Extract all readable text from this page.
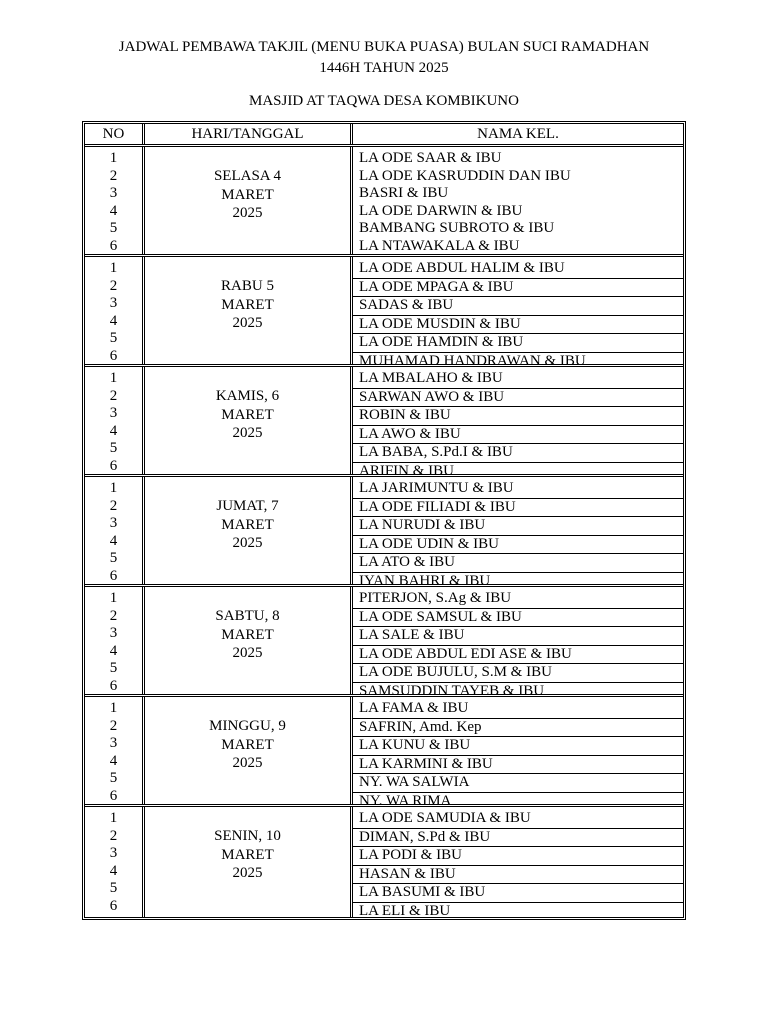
JADWAL PEMBAWA TAKJIL (MENU BUKA PUASA) BULAN SUCI RAMADHAN
1446H TAHUN 2025
MASJID AT TAQWA DESA KOMBIKUNO
NO	HARI/TANGGAL	NAMA KEL.
1
2
3
4
5
6
SELASA 4
MARET
2025
LA ODE SAAR & IBU
LA ODE KASRUDDIN DAN IBU
BASRI & IBU
LA ODE DARWIN & IBU
BAMBANG SUBROTO & IBU
LA NTAWAKALA & IBU
1
2
3
4
5
6
RABU 5
MARET
2025
LA ODE ABDUL HALIM & IBU
LA ODE MPAGA & IBU
SADAS & IBU
LA ODE MUSDIN & IBU
LA ODE HAMDIN & IBU
MUHAMAD HANDRAWAN & IBU
1
2
3
4
5
6
KAMIS, 6
MARET
2025
LA MBALAHO & IBU
SARWAN AWO & IBU
ROBIN & IBU
LA AWO & IBU
LA BABA, S.Pd.I & IBU
ARIFIN & IBU
1
2
3
4
5
6
JUMAT, 7
MARET
2025
LA JARIMUNTU & IBU
LA ODE FILIADI & IBU
LA NURUDI & IBU
LA ODE UDIN & IBU
LA ATO & IBU
IYAN BAHRI & IBU
1
2
3
4
5
6
SABTU, 8
MARET
2025
PITERJON, S.Ag & IBU
LA ODE SAMSUL & IBU
LA SALE & IBU
LA ODE ABDUL EDI ASE & IBU
LA ODE BUJULU, S.M & IBU
SAMSUDDIN TAYEB & IBU
1
2
3
4
5
6
MINGGU, 9
MARET
2025
LA FAMA & IBU
SAFRIN, Amd. Kep
LA KUNU & IBU
LA KARMINI & IBU
NY. WA SALWIA
NY. WA RIMA
1
2
3
4
5
6
SENIN, 10
MARET
2025
LA ODE SAMUDIA & IBU
DIMAN, S.Pd & IBU
LA PODI & IBU
HASAN & IBU
LA BASUMI & IBU
LA ELI & IBU
